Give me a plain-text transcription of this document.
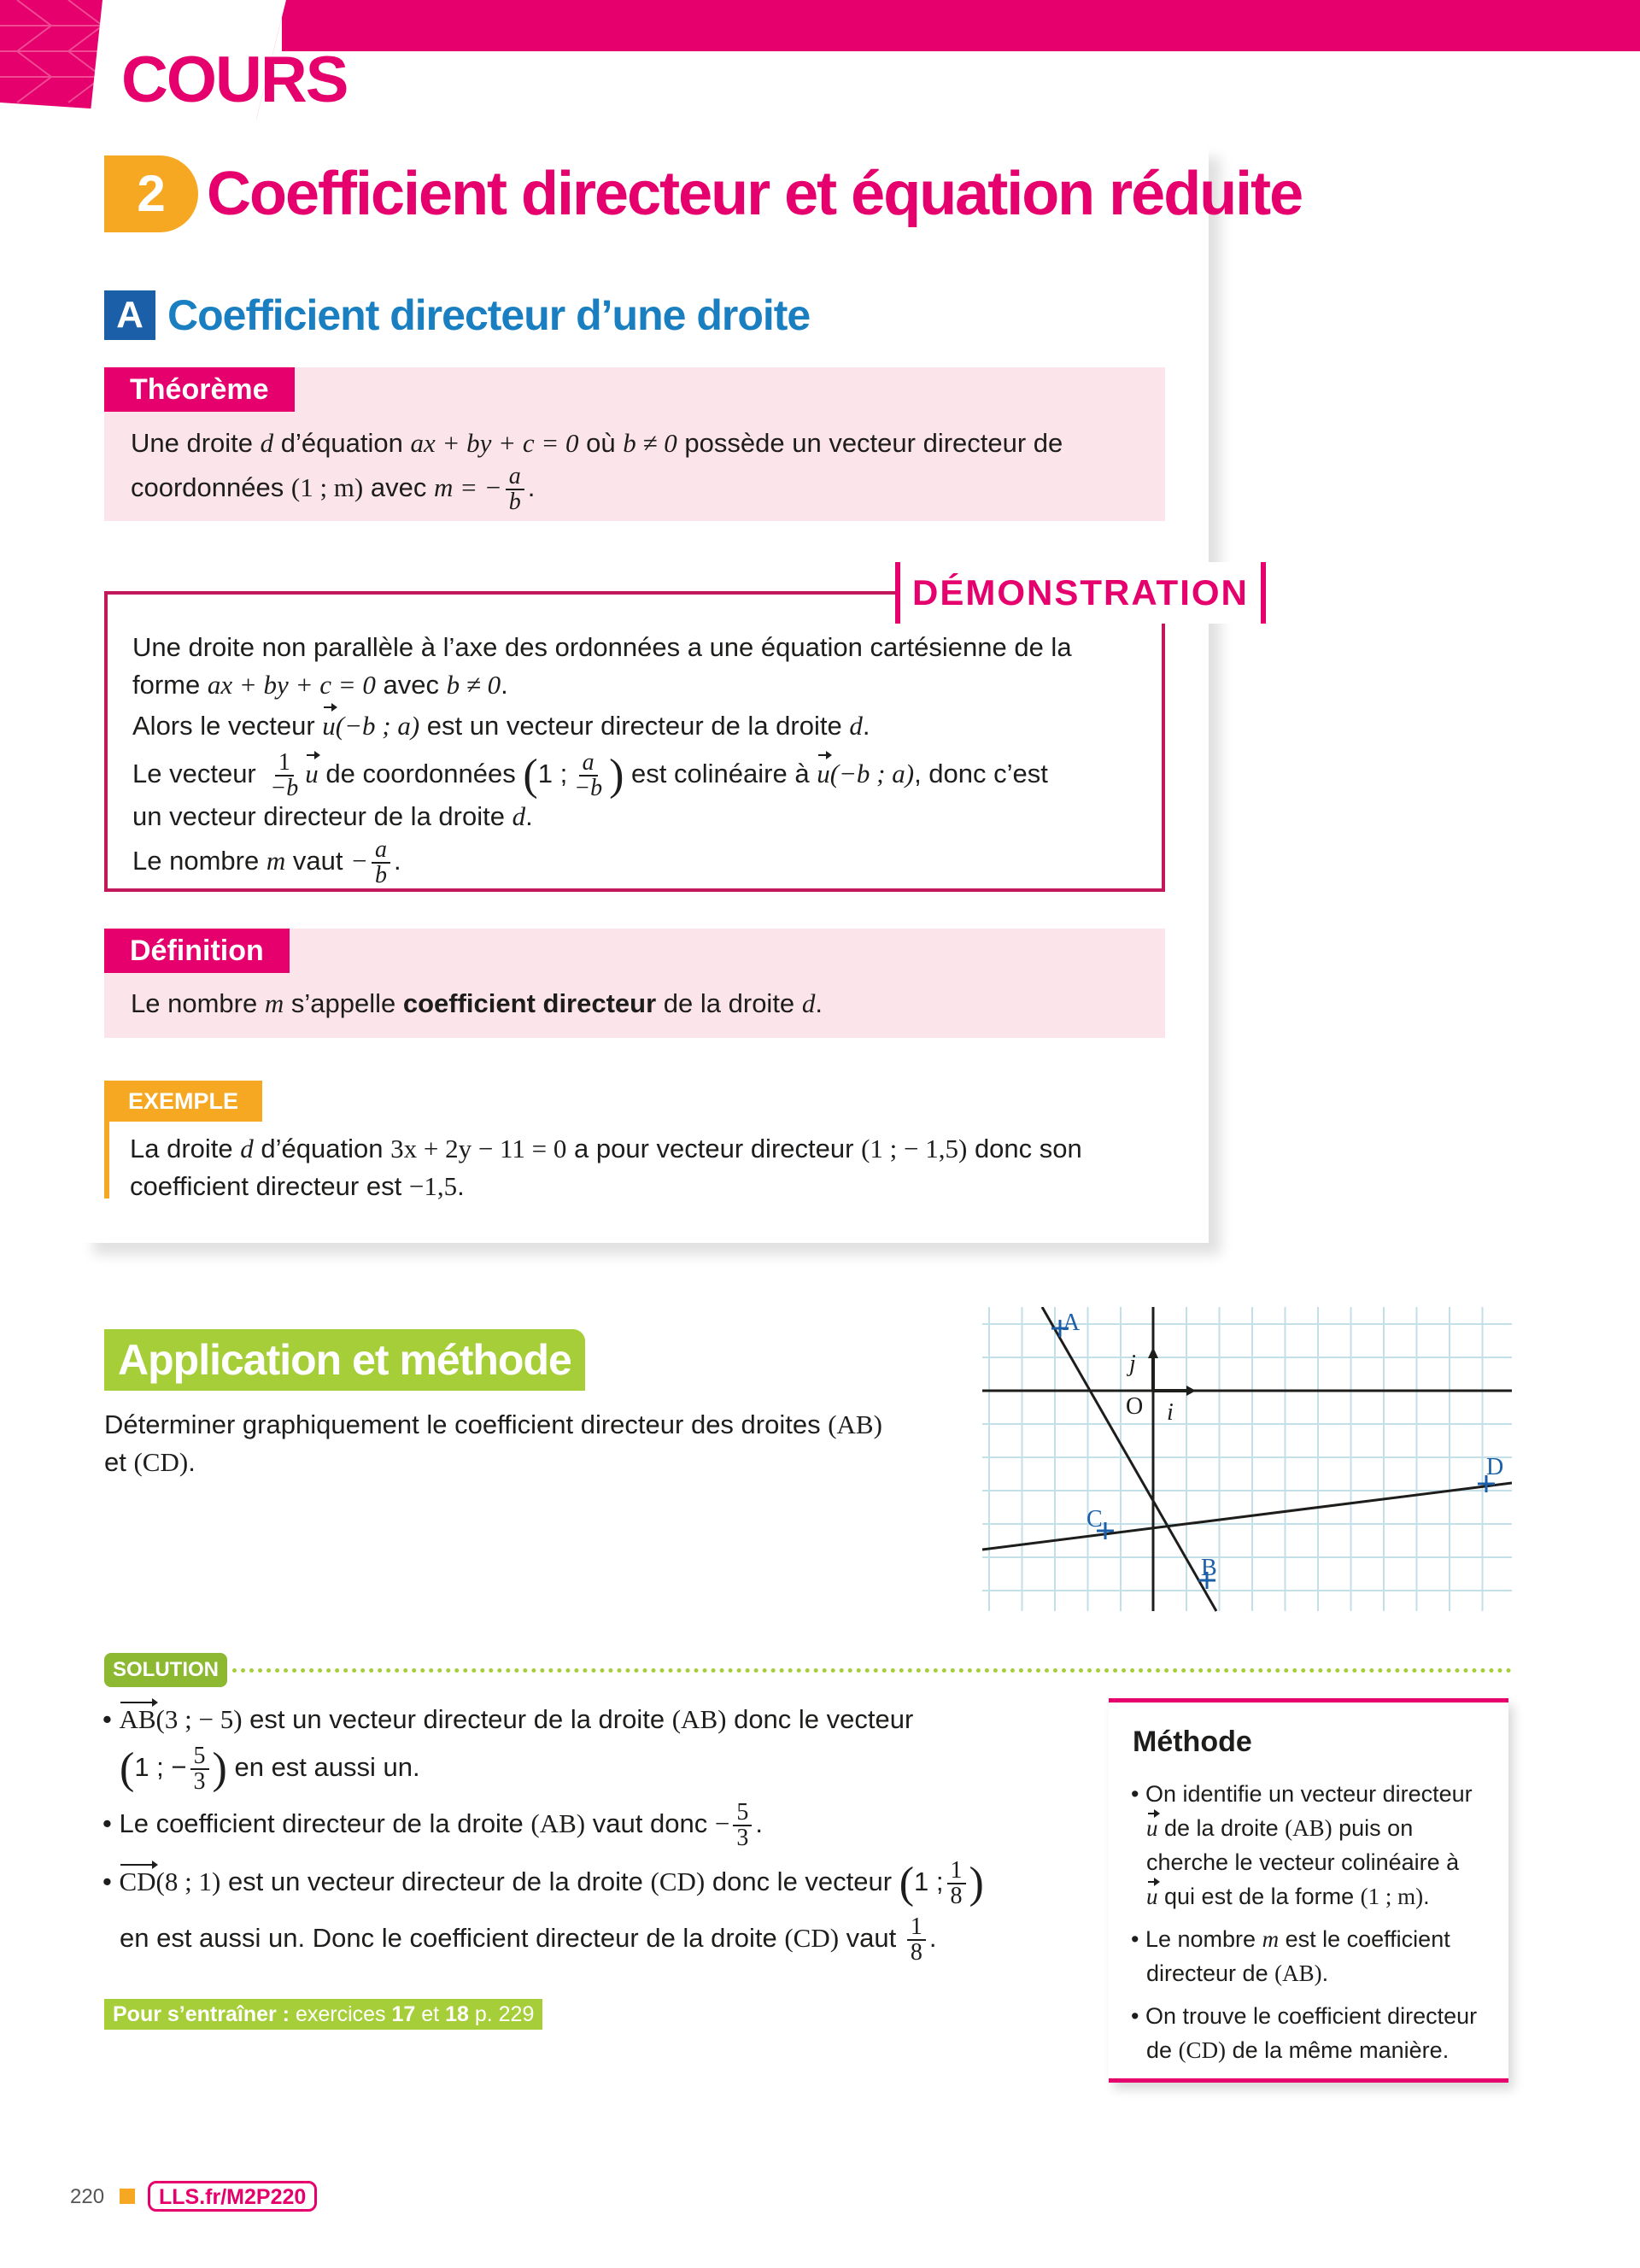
COURS
2 Coefficient directeur et équation réduite
A Coefficient directeur d’une droite
Théorème
Une droite d d’équation ax + by + c = 0 où b ≠ 0 possède un vecteur directeur de
coordonnées (1 ; m) avec m = − $\frac{a}{b}$ .
DÉMONSTRATION
Une droite non parallèle à l’axe des ordonnées a une équation cartésienne de la
forme ax + by + c = 0 avec b ≠ 0.
Alors le vecteur u(−b ; a) est un vecteur directeur de la droite d.
Le vecteur $\frac{1}{-b}$ u de coordonnées (1 ; $\frac{a}{-b}$ ) est colinéaire à u(−b ; a), donc c’est
un vecteur directeur de la droite d.
Le nombre m vaut − $\frac{a}{b}$ .
Définition
Le nombre m s’appelle coefficient directeur de la droite d.
EXEMPLE
La droite d d’équation 3x + 2y − 11 = 0 a pour vecteur directeur (1 ; − 1,5) donc son
coefficient directeur est −1,5.
Application et méthode
Déterminer graphiquement le coefficient directeur des droites (AB)
et (CD).
A
B
C
D
O i
j
SOLUTION
• AB(3 ; − 5) est un vecteur directeur de la droite (AB) donc le vecteur
(1 ; − $\frac{5}{3}$ ) en est aussi un.
• Le coefficient directeur de la droite (AB) vaut donc − $\frac{5}{3}$ .
• CD(8 ; 1) est un vecteur directeur de la droite (CD) donc le vecteur (1 ; $\frac{1}{8}$ )
en est aussi un. Donc le coefficient directeur de la droite (CD) vaut $\frac{1}{8}$ .
Pour s’entraîner : exercices 17 et 18 p. 229
Méthode
• On identifie un vecteur directeur
u de la droite (AB) puis on
cherche le vecteur colinéaire à
u qui est de la forme (1 ; m).
• Le nombre m est le coefficient
directeur de (AB).
• On trouve le coefficient directeur
de (CD) de la même manière.
220	LLS.fr/M2P220
